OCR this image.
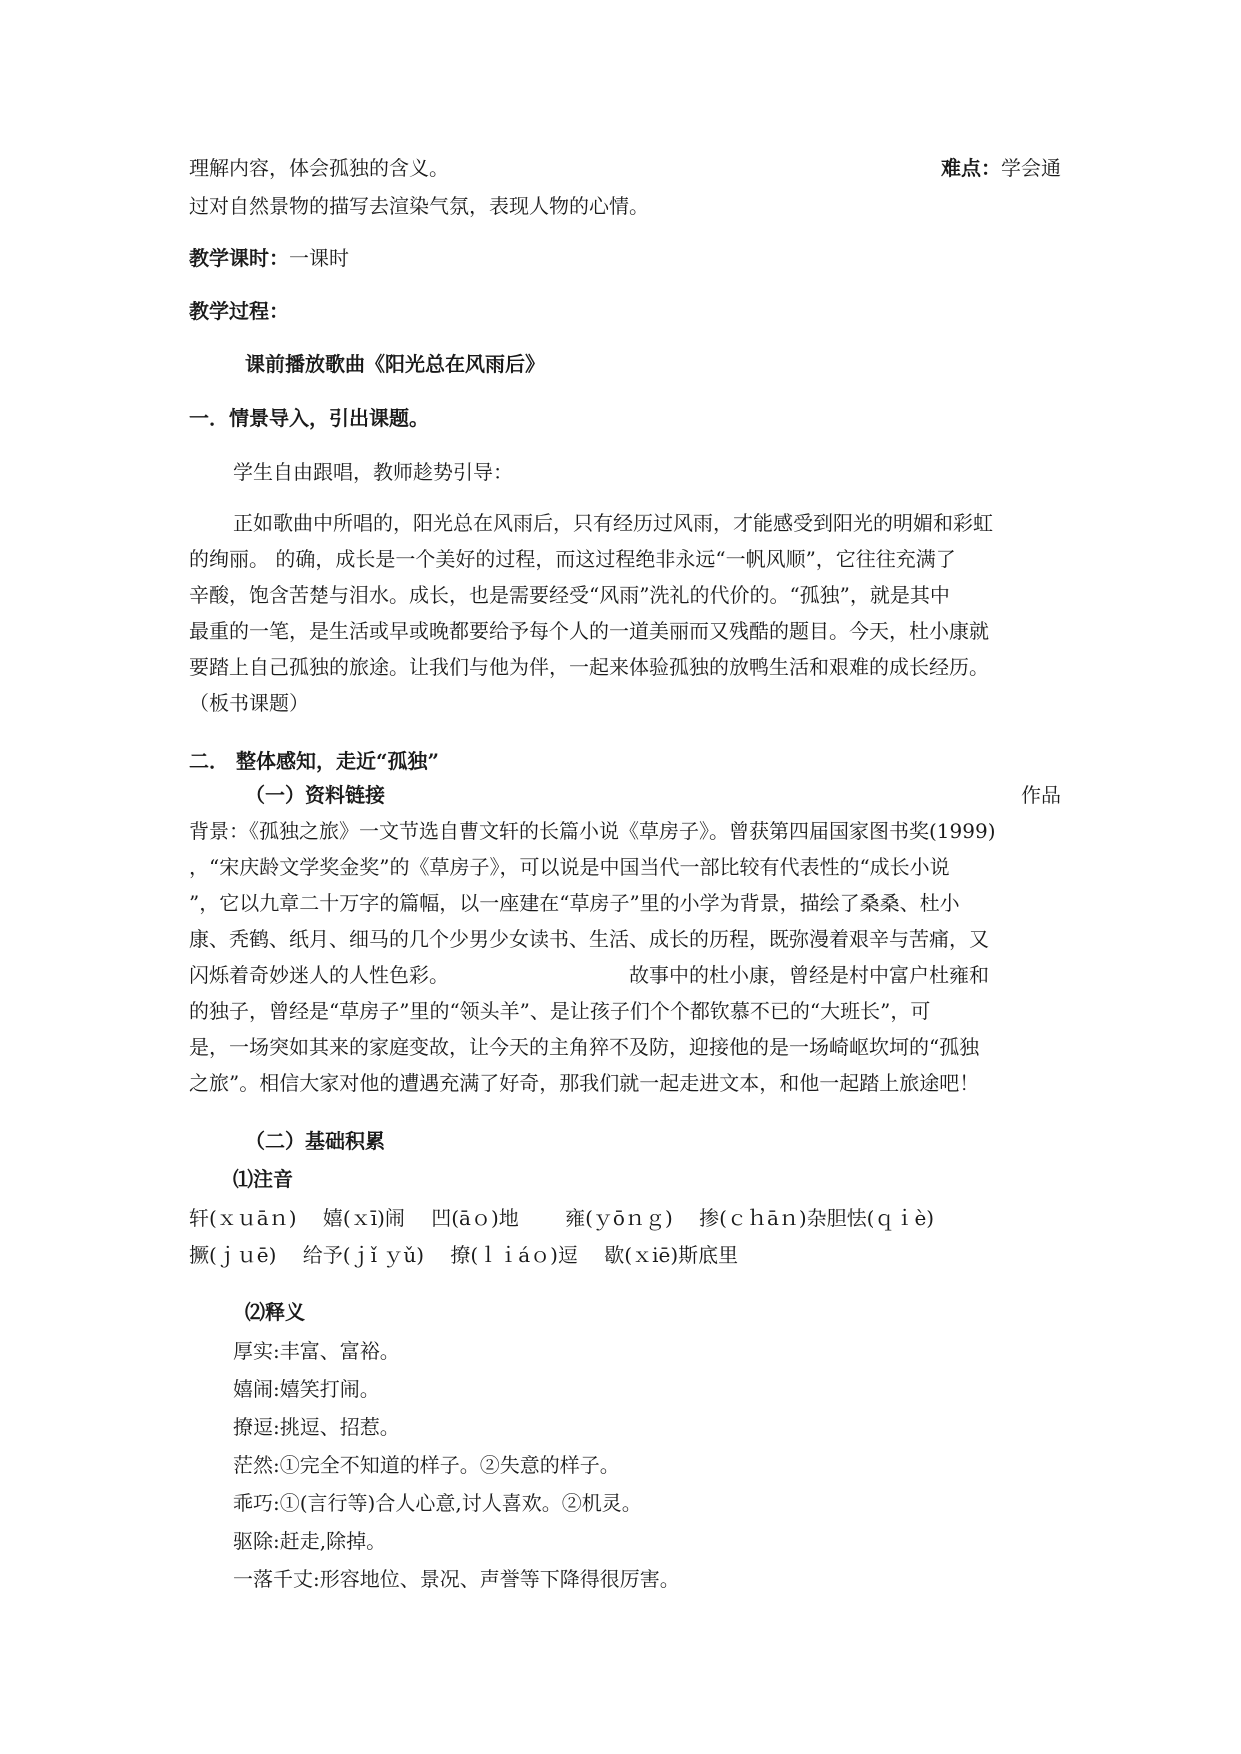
理解内容，体会孤独的含义。	难点：学会通
过对自然景物的描写去渲染气氛，表现人物的心情。
教学课时：一课时
教学过程：
课前播放歌曲《阳光总在风雨后》
一．情景导入，引出课题。
学生自由跟唱，教师趁势引导：
正如歌曲中所唱的，阳光总在风雨后，只有经历过风雨，才能感受到阳光的明媚和彩虹
的绚丽。 的确，成长是一个美好的过程，而这过程绝非永远“一帆风顺”，它往往充满了
辛酸，饱含苦楚与泪水。成长，也是需要经受“风雨”洗礼的代价的。“孤独”，就是其中
最重的一笔，是生活或早或晚都要给予每个人的一道美丽而又残酷的题目。今天，杜小康就
要踏上自己孤独的旅途。让我们与他为伴，一起来体验孤独的放鸭生活和艰难的成长经历。
（板书课题）
二． 整体感知，走近“孤独”
（一）资料链接	作品
背景：《孤独之旅》一文节选自曹文轩的长篇小说《草房子》。曾获第四届国家图书奖(1999)
，“宋庆龄文学奖金奖”的《草房子》，可以说是中国当代一部比较有代表性的“成长小说
”，它以九章二十万字的篇幅，以一座建在“草房子”里的小学为背景，描绘了桑桑、杜小
康、秃鹤、纸月、细马的几个少男少女读书、生活、成长的历程，既弥漫着艰辛与苦痛，又
闪烁着奇妙迷人的人性色彩。	故事中的杜小康，曾经是村中富户杜雍和
的独子，曾经是“草房子”里的“领头羊”、是让孩子们个个都钦慕不已的“大班长”，可
是，一场突如其来的家庭变故，让今天的主角猝不及防，迎接他的是一场崎岖坎坷的“孤独
之旅”。相信大家对他的遭遇充满了好奇，那我们就一起走进文本，和他一起踏上旅途吧！
（二）基础积累
⑴注音
轩(ｘｕāｎ)　 嬉(ｘī)闹　 凹(āｏ)地　　 雍(ｙōｎｇ)　 掺(ｃｈāｎ)杂胆怯(ｑｉè)
撅(ｊｕē)　 给予(ｊǐ ｙǔ)　 撩(ｌｉáｏ)逗　 歇(ｘiē)斯底里
⑵释义
厚实:丰富、富裕。
嬉闹:嬉笑打闹。
撩逗:挑逗、招惹。
茫然:①完全不知道的样子。②失意的样子。
乖巧:①(言行等)合人心意,讨人喜欢。②机灵。
驱除:赶走,除掉。
一落千丈:形容地位、景况、声誉等下降得很厉害。
